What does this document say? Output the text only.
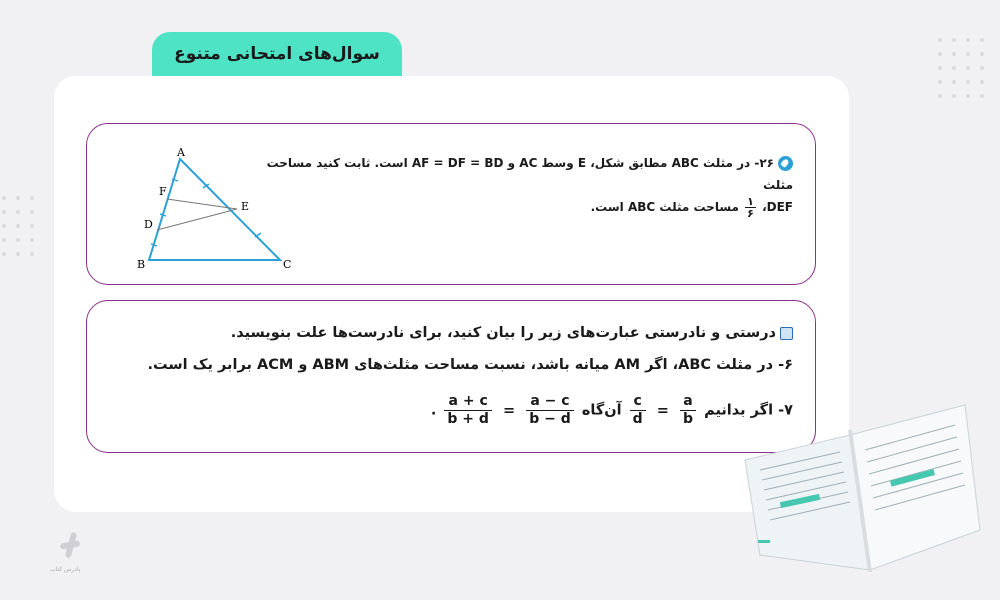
سوال‌های امتحانی متنوع
A
B	C
D
E
F
۲۶- در مثلث ABC مطابق شکل، E وسط AC و AF = DF = BD است. ثابت کنید مساحت مثلث
DEF،
$\frac{۱}{۶}$
مساحت مثلث ABC است.
درستی و نادرستی عبارت‌های زیر را بیان کنید، برای نادرست‌ها علت بنویسید.
۶- در مثلث ABC، اگر AM میانه باشد، نسبت مساحت مثلث‌های ABM و ACM برابر یک است.
۷- اگر بدانیم
$\frac{a}{b}$
=
$\frac{c}{d}$
آن‌گاه
$\frac{a - c}{b - d}$
=
$\frac{a + c}{b + d}$
.
پادرس‌ کتاب
